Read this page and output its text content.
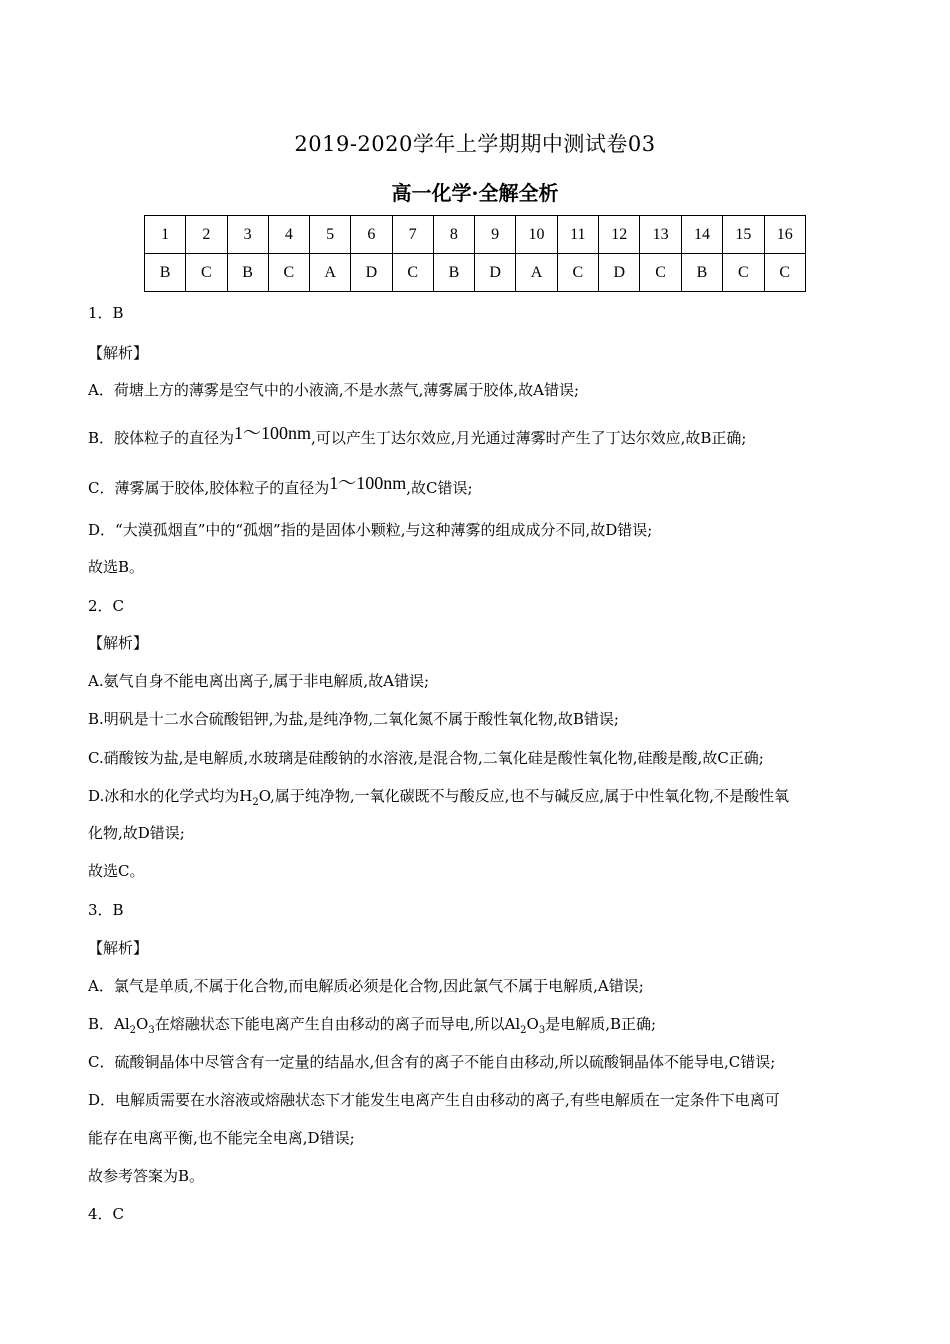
2019-2020学年上学期期中测试卷03
高一化学·全解全析
1	2	3	4	5	6	7	8	9	10	11	12	13	14	15	16
B	C	B	C	A	D	C	B	D	A	C	D	C	B	C	C
1．B
【解析】
A．荷塘上方的薄雾是空气中的小液滴,不是水蒸气,薄雾属于胶体,故A错误;
B．胶体粒子的直径为1～100nm,可以产生丁达尔效应,月光通过薄雾时产生了丁达尔效应,故B正确;
C．薄雾属于胶体,胶体粒子的直径为1～100nm,故C错误;
D．“大漠孤烟直”中的“孤烟”指的是固体小颗粒,与这种薄雾的组成成分不同,故D错误;
故选B。
2．C
【解析】
A.氨气自身不能电离出离子,属于非电解质,故A错误;
B.明矾是十二水合硫酸铝钾,为盐,是纯净物,二氧化氮不属于酸性氧化物,故B错误;
C.硝酸铵为盐,是电解质,水玻璃是硅酸钠的水溶液,是混合物,二氧化硅是酸性氧化物,硅酸是酸,故C正确;
D.冰和水的化学式均为$H_2O$,属于纯净物,一氧化碳既不与酸反应,也不与碱反应,属于中性氧化物,不是酸性氧
化物,故D错误;
故选C。
3．B
【解析】
A．氯气是单质,不属于化合物,而电解质必须是化合物,因此氯气不属于电解质,A错误;
B．$Al_2O_3$在熔融状态下能电离产生自由移动的离子而导电,所以$Al_2O_3$是电解质,B正确;
C．硫酸铜晶体中尽管含有一定量的结晶水,但含有的离子不能自由移动,所以硫酸铜晶体不能导电,C错误;
D．电解质需要在水溶液或熔融状态下才能发生电离产生自由移动的离子,有些电解质在一定条件下电离可
能存在电离平衡,也不能完全电离,D错误;
故参考答案为B。
4．C
